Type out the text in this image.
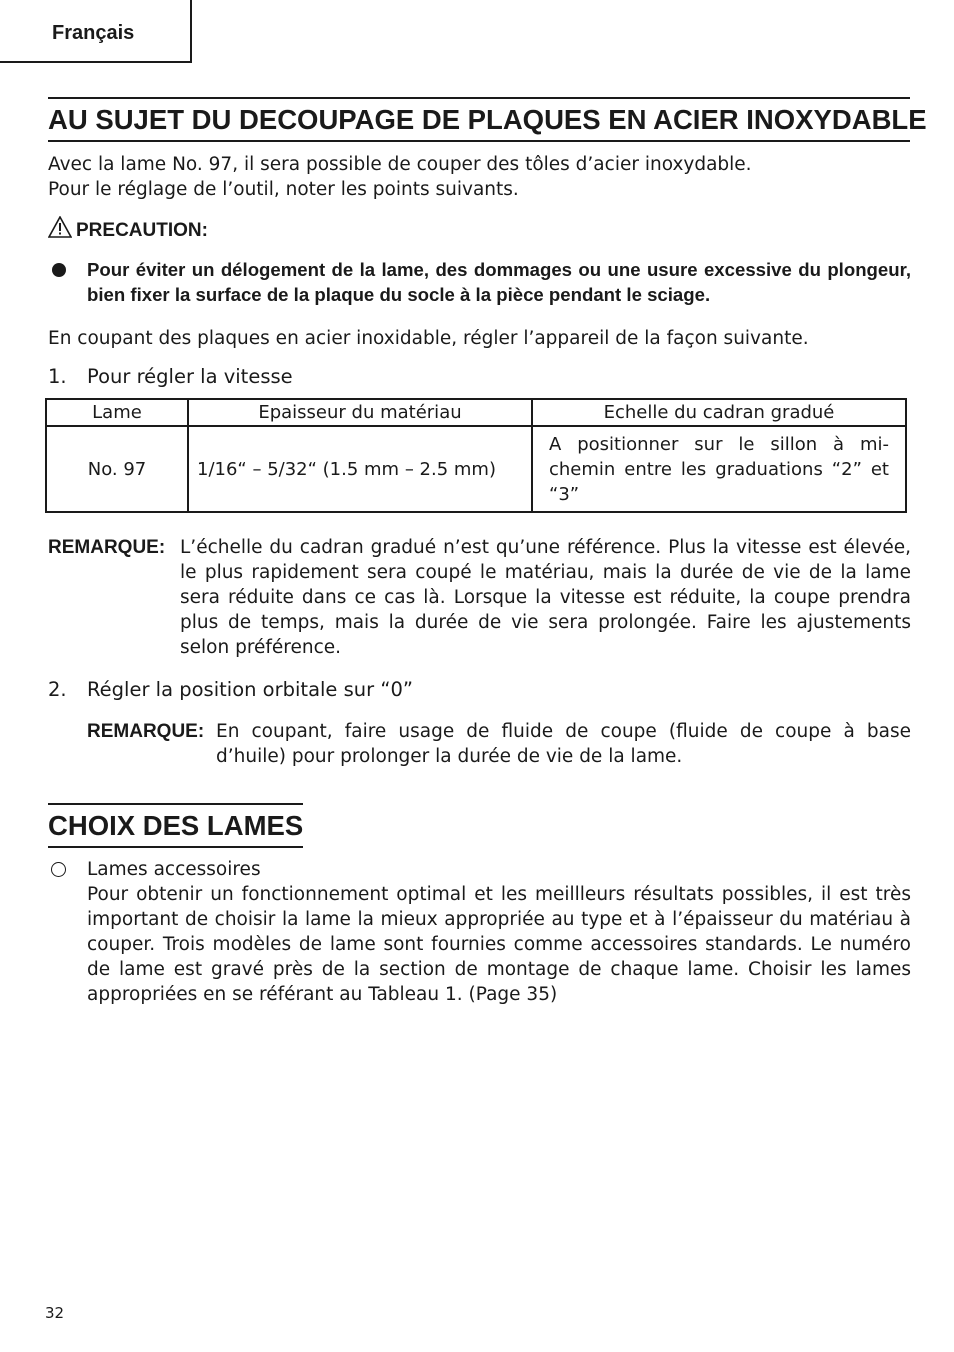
Français
AU SUJET DU DECOUPAGE DE PLAQUES EN ACIER INOXYDABLE
Avec la lame No. 97, il sera possible de couper des tôles d’acier inoxydable.
Pour le réglage de l’outil, noter les points suivants.
PRECAUTION:
Pour éviter un délogement de la lame, des dommages ou une usure excessive du plongeur, bien fixer la surface de la plaque du socle à la pièce pendant le sciage.
En coupant des plaques en acier inoxidable, régler l’appareil de la façon suivante.
1. Pour régler la vitesse
Lame	Epaisseur du matériau	Echelle du cadran gradué
No. 97	1/16“ – 5/32“ (1.5 mm – 2.5 mm)	A positionner sur le sillon à mi-chemin entre les graduations “2” et “3”
REMARQUE: L’échelle du cadran gradué n’est qu’une référence. Plus la vitesse est élevée, le plus rapidement sera coupé le matériau, mais la durée de vie de la lame sera réduite dans ce cas là. Lorsque la vitesse est réduite, la coupe prendra plus de temps, mais la durée de vie sera prolongée. Faire les ajustements selon préférence.
2. Régler la position orbitale sur “0”
REMARQUE: En coupant, faire usage de fluide de coupe (fluide de coupe à base d’huile) pour prolonger la durée de vie de la lame.
CHOIX DES LAMES
Lames accessoires
Pour obtenir un fonctionnement optimal et les meillleurs résultats possibles, il est très important de choisir la lame la mieux appropriée au type et à l’épaisseur du matériau à couper. Trois modèles de lame sont fournies comme accessoires standards. Le numéro de lame est gravé près de la section de montage de chaque lame. Choisir les lames appropriées en se référant au Tableau 1. (Page 35)
32
